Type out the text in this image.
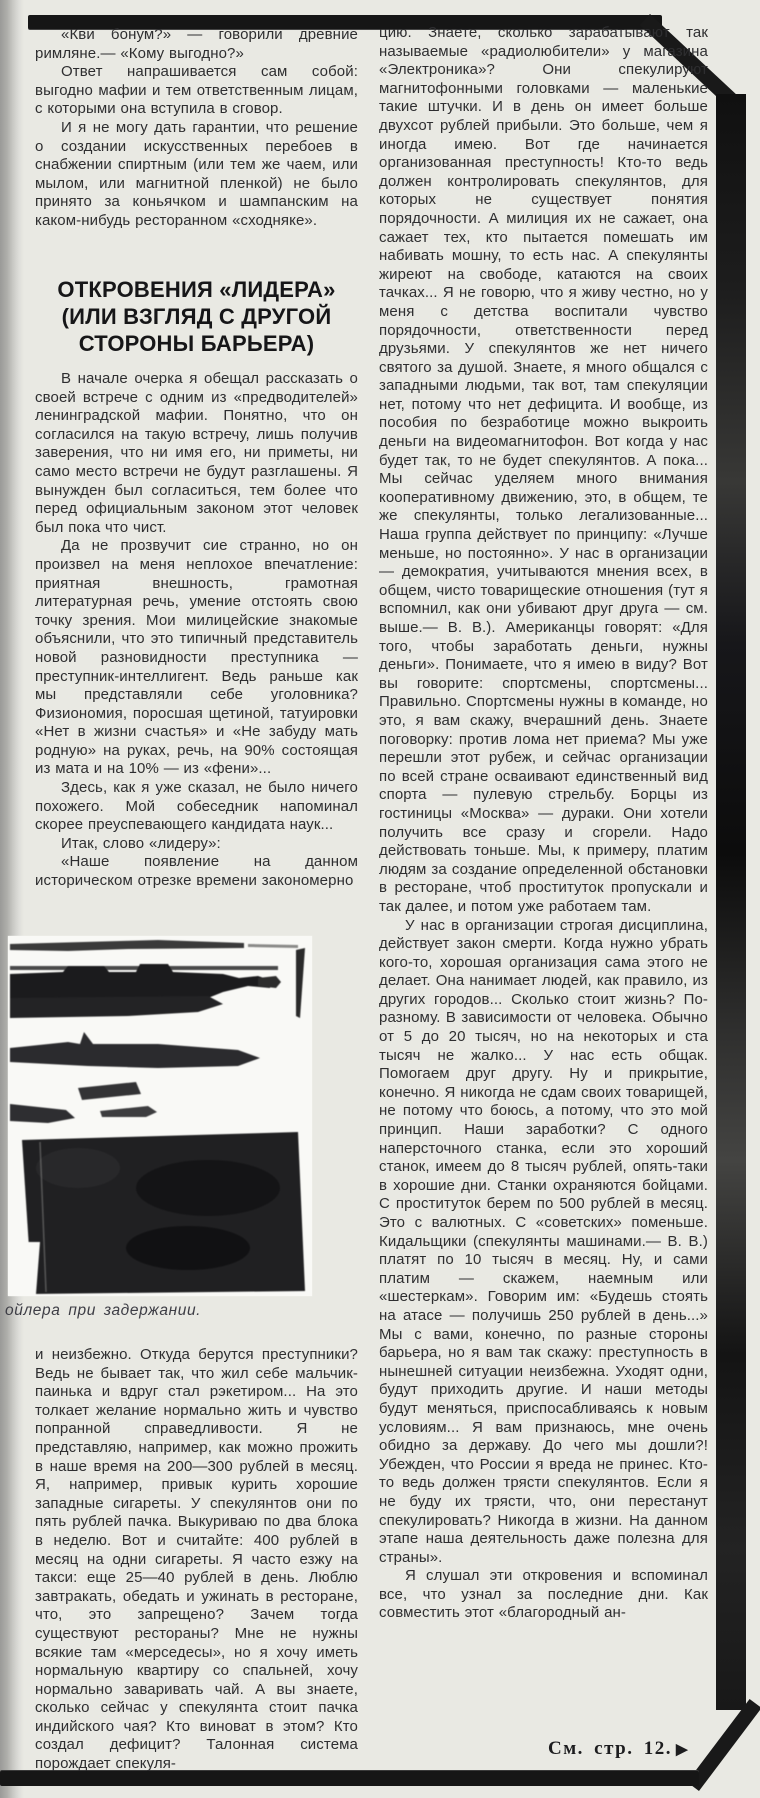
«Кви бонум?» — говорили древние римляне.— «Кому выгодно?»

Ответ напрашивается сам собой: выгодно мафии и тем ответственным лицам, с которыми она вступила в сговор.

И я не могу дать гарантии, что решение о создании искусственных перебоев в снабжении спиртным (или тем же чаем, или мылом, или магнитной пленкой) не было принято за коньячком и шампанским на каком-нибудь ресторанном «сходняке».

ОТКРОВЕНИЯ «ЛИДЕРА»
(ИЛИ ВЗГЛЯД С ДРУГОЙ
СТОРОНЫ БАРЬЕРА)

В начале очерка я обещал рассказать о своей встрече с одним из «предводителей» ленинградской мафии. Понятно, что он согласился на такую встречу, лишь получив заверения, что ни имя его, ни приметы, ни само место встречи не будут разглашены. Я вынужден был согласиться, тем более что перед официальным законом этот человек был пока что чист.

Да не прозвучит сие странно, но он произвел на меня неплохое впечатление: приятная внешность, грамотная литературная речь, умение отстоять свою точку зрения. Мои милицейские знакомые объяснили, что это типичный представитель новой разновидности преступника — преступник-интеллигент. Ведь раньше как мы представляли себе уголовника? Физиономия, поросшая щетиной, татуировки «Нет в жизни счастья» и «Не забуду мать родную» на руках, речь, на 90% состоящая из мата и на 10% — из «фени»...

Здесь, как я уже сказал, не было ничего похожего. Мой собеседник напоминал скорее преуспевающего кандидата наук...

Итак, слово «лидеру»:

«Наше появление на данном историческом отрезке времени закономерно

ойлера при задержании.

и неизбежно. Откуда берутся преступники? Ведь не бывает так, что жил себе мальчик-паинька и вдруг стал рэкетиром... На это толкает желание нормально жить и чувство попранной справедливости. Я не представляю, например, как можно прожить в наше время на 200—300 рублей в месяц. Я, например, привык курить хорошие западные сигареты. У спекулянтов они по пять рублей пачка. Выкуриваю по два блока в неделю. Вот и считайте: 400 рублей в месяц на одни сигареты. Я часто езжу на такси: еще 25—40 рублей в день. Люблю завтракать, обедать и ужинать в ресторане, что, это запрещено? Зачем тогда существуют рестораны? Мне не нужны всякие там «мерседесы», но я хочу иметь нормальную квартиру со спальней, хочу нормально заваривать чай. А вы знаете, сколько сейчас у спекулянта стоит пачка индийского чая? Кто виноват в этом? Кто создал дефицит? Талонная система порождает спекуля-

цию. Знаете, сколько зарабатывают так называемые «радиолюбители» у магазина «Электроника»? Они спекулируют магнитофонными головками — маленькие такие штучки. И в день он имеет больше двухсот рублей прибыли. Это больше, чем я иногда имею. Вот где начинается организованная преступность! Кто-то ведь должен контролировать спекулянтов, для которых не существует понятия порядочности. А милиция их не сажает, она сажает тех, кто пытается помешать им набивать мошну, то есть нас. А спекулянты жиреют на свободе, катаются на своих тачках... Я не говорю, что я живу честно, но у меня с детства воспитали чувство порядочности, ответственности перед друзьями. У спекулянтов же нет ничего святого за душой. Знаете, я много общался с западными людьми, так вот, там спекуляции нет, потому что нет дефицита. И вообще, из пособия по безработице можно выкроить деньги на видеомагнитофон. Вот когда у нас будет так, то не будет спекулянтов. А пока... Мы сейчас уделяем много внимания кооперативному движению, это, в общем, те же спекулянты, только легализованные... Наша группа действует по принципу: «Лучше меньше, но постоянно». У нас в организации — демократия, учитываются мнения всех, в общем, чисто товарищеские отношения (тут я вспомнил, как они убивают друг друга — см. выше.— В. В.). Американцы говорят: «Для того, чтобы заработать деньги, нужны деньги». Понимаете, что я имею в виду? Вот вы говорите: спортсмены, спортсмены... Правильно. Спортсмены нужны в команде, но это, я вам скажу, вчерашний день. Знаете поговорку: против лома нет приема? Мы уже перешли этот рубеж, и сейчас организации по всей стране осваивают единственный вид спорта — пулевую стрельбу. Борцы из гостиницы «Москва» — дураки. Они хотели получить все сразу и сгорели. Надо действовать тоньше. Мы, к примеру, платим людям за создание определенной обстановки в ресторане, чтоб проституток пропускали и так далее, и потом уже работаем там.

У нас в организации строгая дисциплина, действует закон смерти. Когда нужно убрать кого-то, хорошая организация сама этого не делает. Она нанимает людей, как правило, из других городов... Сколько стоит жизнь? По-разному. В зависимости от человека. Обычно от 5 до 20 тысяч, но на некоторых и ста тысяч не жалко... У нас есть общак. Помогаем друг другу. Ну и прикрытие, конечно. Я никогда не сдам своих товарищей, не потому что боюсь, а потому, что это мой принцип. Наши заработки? С одного наперсточного станка, если это хороший станок, имеем до 8 тысяч рублей, опять-таки в хорошие дни. Станки охраняются бойцами. С проституток берем по 500 рублей в месяц. Это с валютных. С «советских» поменьше. Кидальщики (спекулянты машинами.— В. В.) платят по 10 тысяч в месяц. Ну, и сами платим — скажем, наемным или «шестеркам». Говорим им: «Будешь стоять на атасе — получишь 250 рублей в день...» Мы с вами, конечно, по разные стороны барьера, но я вам так скажу: преступность в нынешней ситуации неизбежна. Уходят одни, будут приходить другие. И наши методы будут меняться, приспосабливаясь к новым условиям... Я вам признаюсь, мне очень обидно за державу. До чего мы дошли?! Убежден, что России я вреда не принес. Кто-то ведь должен трясти спекулянтов. Если я не буду их трясти, что, они перестанут спекулировать? Никогда в жизни. На данном этапе наша деятельность даже полезна для страны».

Я слушал эти откровения и вспоминал все, что узнал за последние дни. Как совместить этот «благородный ан-

См. стр. 12. ▶
